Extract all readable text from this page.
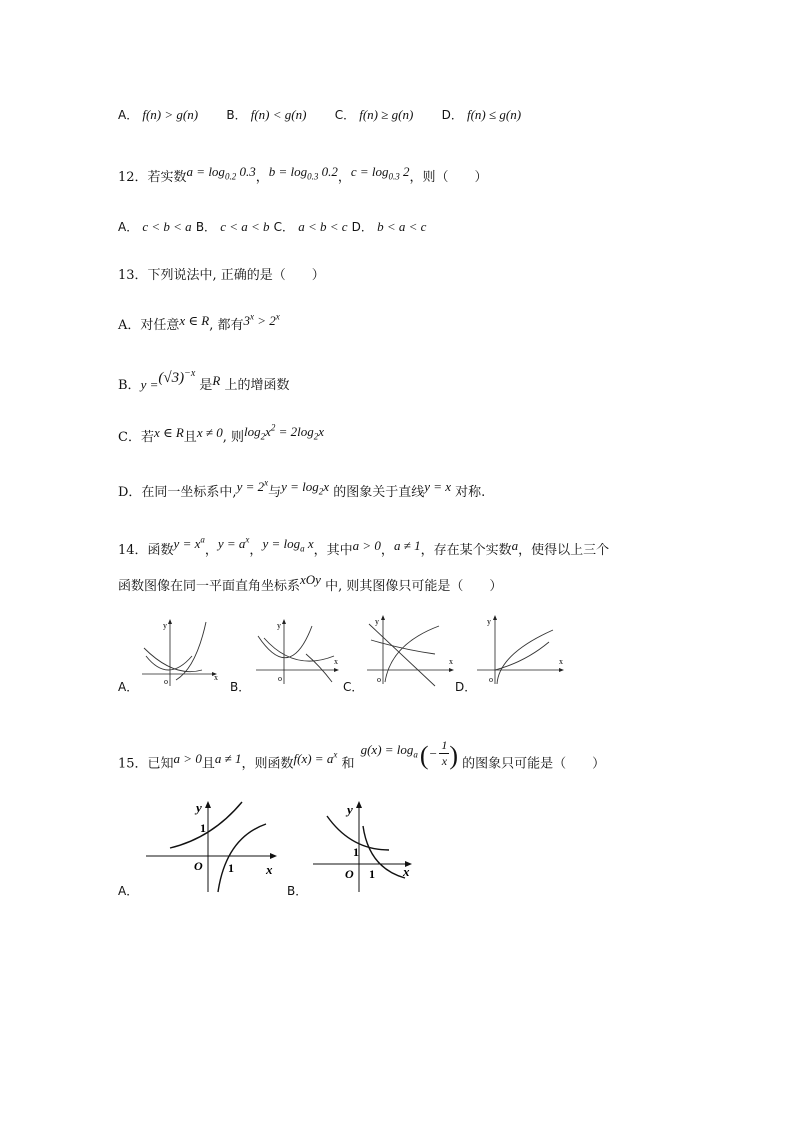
A． f(n) > g(n) B． f(n) < g(n) C． f(n) ≥ g(n) D． f(n) ≤ g(n)
12．若实数$a = \log_{0.2} 0.3$，$b = \log_{0.3} 0.2$，$c = \log_{0.3} 2$，则（　　）
A． c < b < a B． c < a < b C． a < b < c D． b < a < c
13．下列说法中, 正确的是（　　）
A．对任意x ∈ R, 都有$3^x > 2^x$
B．$y =(√3)^{-x}$ 是R 上的增函数
C．若x ∈ R且x ≠ 0, 则$\log_2x^2 = 2\log_2x$
D．在同一坐标系中$,y = 2^x$与$y = \log_2x$ 的图象关于直线y = x 对称.
14．函数$y = x^a$，$y = a^x$，$y = \log_a x$，其中a > 0，a ≠ 1，存在某个实数a，使得以上三个
函数图像在同一平面直角坐标系xOy 中, 则其图像只可能是（　　）
A．
x
y
o	B．
x
y
o
C．
x
y
o
D．
x
y
o
15．已知a > 0且a ≠ 1，则函数$f(x) = a^x$ 和 $g(x) = \log_a( - \frac{1}{x}$ ) 的图象只可能是（　　）
A．
x
y
O
1
1
B．
x
y
O
1
1
